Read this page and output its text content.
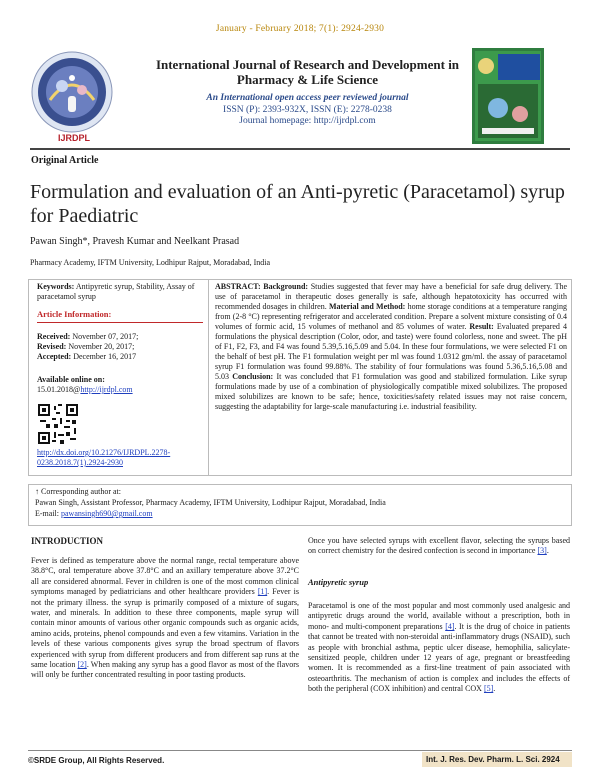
January - February 2018; 7(1): 2924-2930
IJRDPL
International Journal of Research and Development in Pharmacy & Life Science
An International open access peer reviewed journal
ISSN (P): 2393-932X, ISSN (E): 2278-0238
Journal homepage: http://ijrdpl.com
Original Article
Formulation and evaluation of an Anti-pyretic (Paracetamol) syrup for Paediatric
Pawan Singh*, Pravesh Kumar and Neelkant Prasad
Pharmacy Academy, IFTM University, Lodhipur Rajput, Moradabad, India
Keywords: Antipyretic syrup, Stability, Assay of paracetamol syrup
Article Information:
Received: November 07, 2017;
Revised: November 20, 2017;
Accepted: December 16, 2017
Available online on:
15.01.2018@http://ijrdpl.com
http://dx.doi.org/10.21276/IJRDPL.2278-0238.2018.7(1).2924-2930
ABSTRACT: Background: Studies suggested that fever may have a beneficial for safe drug delivery. The use of paracetamol in therapeutic doses generally is safe, although hepatotoxicity has occurred with recommended dosages in children. Material and Method: home storage conditions at a temperature ranging from (2-8 °C) representing refrigerator and accelerated condition. Prepare a solvent mixture consisting of 0.4 volumes of formic acid, 15 volumes of methanol and 85 volumes of water. Result: Evaluated prepared 4 formulations the physical description (Color, odor, and taste) were found colorless, none and sweet. The pH of F1, F2, F3, and F4 was found 5.39,5.16,5.09 and 5.04. In these four formulations, we were selected F1 on the behalf of best pH. The F1 formulation weight per ml was found 1.0312 gm/ml. the assay of paracetamol syrup F1 formulation was found 99.88%. The stability of four formulations was found 5.36,5.16,5.08 and 5.03 Conclusion: It was concluded that F1 formulation was good and stabilized formulation. Like syrup formulations made by use of a combination of physiologically compatible mixed solubilizes. The proposed mixed solubilizes are known to be safe; hence, toxicities/safety related issues may not raise concern, suggesting the adaptability for large-scale manufacturing i.e. industrial feasibility.
↑ Corresponding author at:
Pawan Singh, Assistant Professor, Pharmacy Academy, IFTM University, Lodhipur Rajput, Moradabad, India
E-mail: pawansingh690@gmail.com
INTRODUCTION
Fever is defined as temperature above the normal range, rectal temperature above 38.8°C, oral temperature above 37.8°C and an axillary temperature above 37.2°C all are considered abnormal. Fever in children is one of the most common clinical symptoms managed by pediatricians and other healthcare providers [1]. Fever is not the primary illness. the syrup is primarily composed of a mixture of sugars, water, and minerals. In addition to these three components, maple syrup will contain minor amounts of various other organic compounds such as organic acids, amino acids, proteins, phenol compounds and even a few vitamins. Variation in the levels of these various components gives syrup the broad spectrum of flavors experienced with syrup from different producers and from different sap runs at the same location [2]. When making any syrup has a good flavor as most of the flavors will only be further concentrated resulting in poor tasting products.
Once you have selected syrups with excellent flavor, selecting the syrups based on correct chemistry for the desired confection is second in importance [3].
Antipyretic syrup
Paracetamol is one of the most popular and most commonly used analgesic and antipyretic drugs around the world, available without a prescription, both in mono- and multi-component preparations [4]. It is the drug of choice in patients that cannot be treated with non-steroidal anti-inflammatory drugs (NSAID), such as people with bronchial asthma, peptic ulcer disease, hemophilia, salicylate-sensitized people, children under 12 years of age, pregnant or breastfeeding women. It is recommended as a first-line treatment of pain associated with osteoarthritis. The mechanism of action is complex and includes the effects of both the peripheral (COX inhibition) and central COX [5].
©SRDE Group, All Rights Reserved.	Int. J. Res. Dev. Pharm. L. Sci. 2924
